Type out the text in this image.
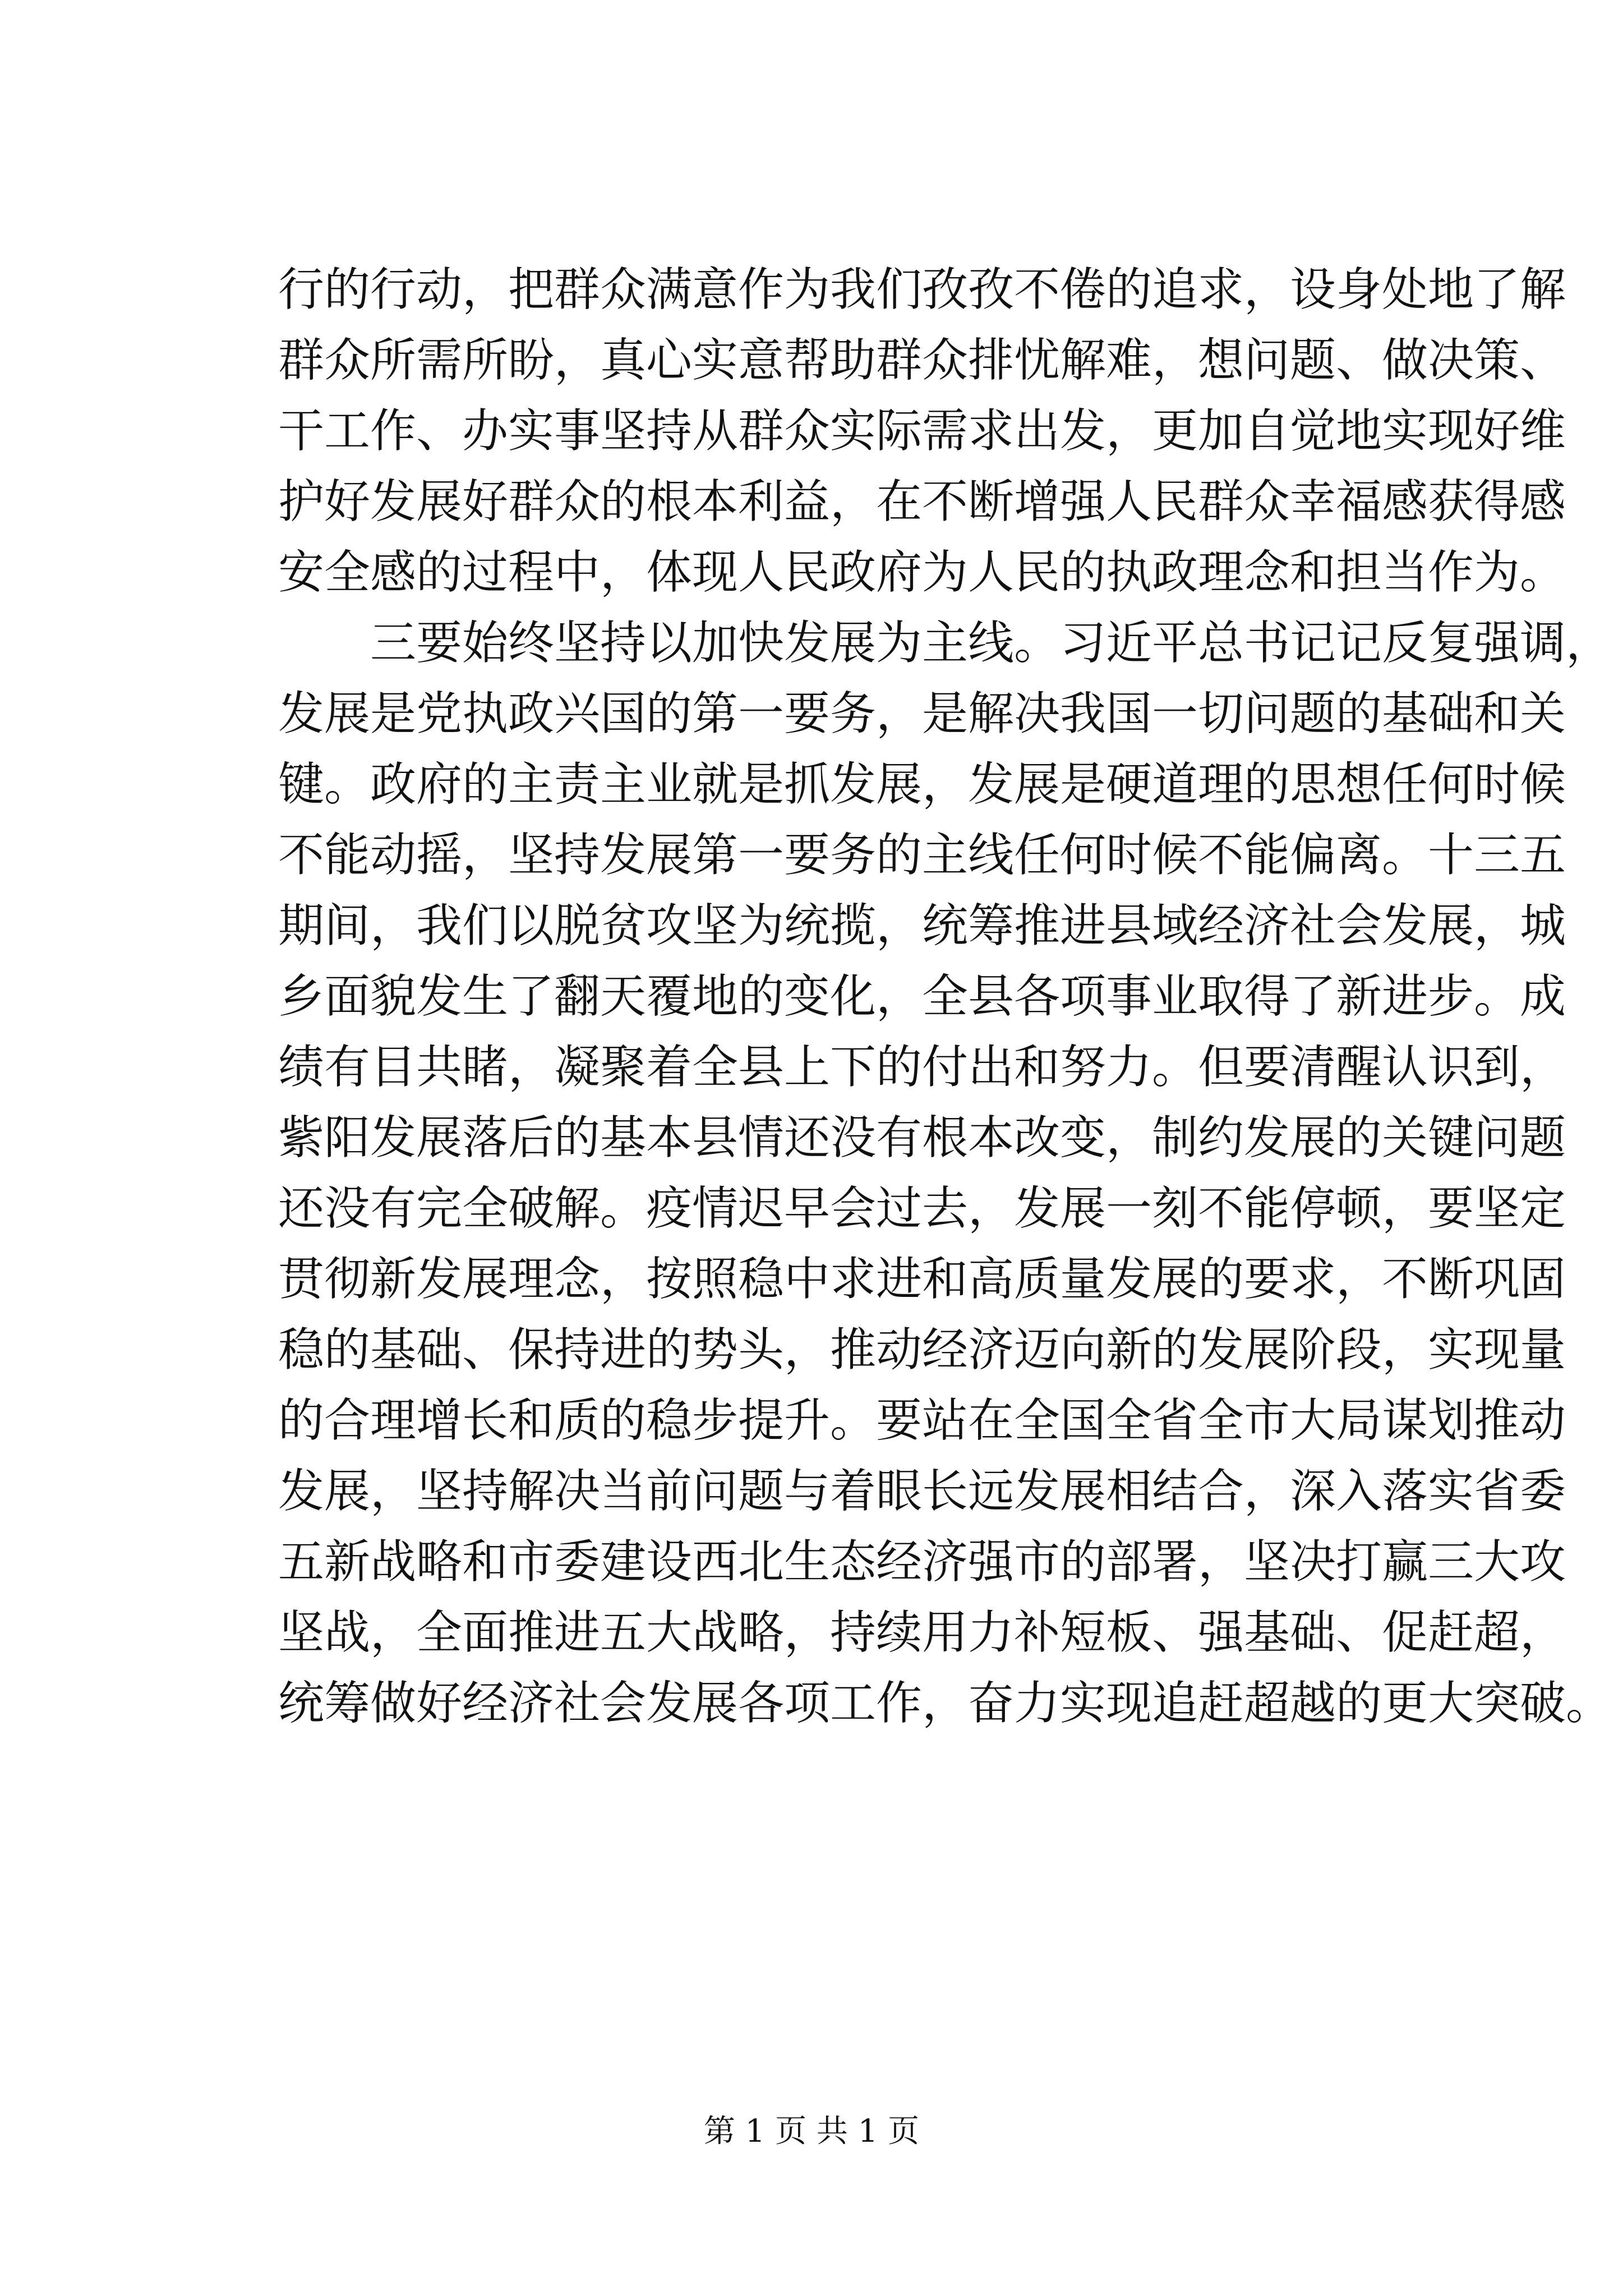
行的行动，把群众满意作为我们孜孜不倦的追求，设身处地了解
群众所需所盼，真心实意帮助群众排忧解难，想问题、做决策、
干工作、办实事坚持从群众实际需求出发，更加自觉地实现好维
护好发展好群众的根本利益，在不断增强人民群众幸福感获得感
安全感的过程中，体现人民政府为人民的执政理念和担当作为。
三要始终坚持以加快发展为主线。习近平总书记记反复强调，
发展是党执政兴国的第一要务，是解决我国一切问题的基础和关
键。政府的主责主业就是抓发展，发展是硬道理的思想任何时候
不能动摇，坚持发展第一要务的主线任何时候不能偏离。十三五
期间，我们以脱贫攻坚为统揽，统筹推进县域经济社会发展，城
乡面貌发生了翻天覆地的变化，全县各项事业取得了新进步。成
绩有目共睹，凝聚着全县上下的付出和努力。但要清醒认识到，
紫阳发展落后的基本县情还没有根本改变，制约发展的关键问题
还没有完全破解。疫情迟早会过去，发展一刻不能停顿，要坚定
贯彻新发展理念，按照稳中求进和高质量发展的要求，不断巩固
稳的基础、保持进的势头，推动经济迈向新的发展阶段，实现量
的合理增长和质的稳步提升。要站在全国全省全市大局谋划推动
发展，坚持解决当前问题与着眼长远发展相结合，深入落实省委
五新战略和市委建设西北生态经济强市的部署，坚决打赢三大攻
坚战，全面推进五大战略，持续用力补短板、强基础、促赶超，
统筹做好经济社会发展各项工作，奋力实现追赶超越的更大突破。
第 1 页 共 1 页
